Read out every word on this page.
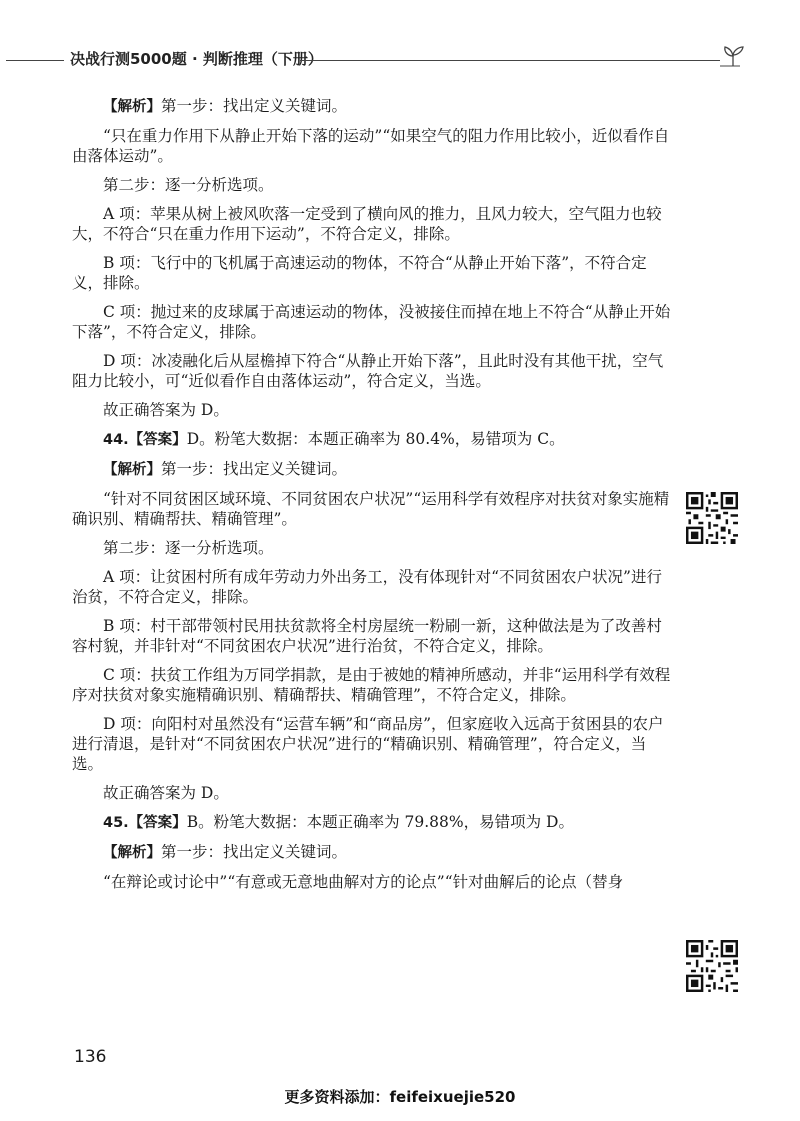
决战行测5000题 · 判断推理（下册）

【解析】第一步：找出定义关键词。

“只在重力作用下从静止开始下落的运动”“如果空气的阻力作用比较小，近似看作自由落体运动”。

第二步：逐一分析选项。

A 项：苹果从树上被风吹落一定受到了横向风的推力，且风力较大，空气阻力也较大，不符合“只在重力作用下运动”，不符合定义，排除。

B 项：飞行中的飞机属于高速运动的物体，不符合“从静止开始下落”，不符合定义，排除。

C 项：抛过来的皮球属于高速运动的物体，没被接住而掉在地上不符合“从静止开始下落”，不符合定义，排除。

D 项：冰凌融化后从屋檐掉下符合“从静止开始下落”，且此时没有其他干扰，空气阻力比较小，可“近似看作自由落体运动”，符合定义，当选。

故正确答案为 D。

44.【答案】D。粉笔大数据：本题正确率为 80.4%，易错项为 C。

【解析】第一步：找出定义关键词。

“针对不同贫困区域环境、不同贫困农户状况”“运用科学有效程序对扶贫对象实施精确识别、精确帮扶、精确管理”。

第二步：逐一分析选项。

A 项：让贫困村所有成年劳动力外出务工，没有体现针对“不同贫困农户状况”进行治贫，不符合定义，排除。

B 项：村干部带领村民用扶贫款将全村房屋统一粉刷一新，这种做法是为了改善村容村貌，并非针对“不同贫困农户状况”进行治贫，不符合定义，排除。

C 项：扶贫工作组为万同学捐款，是由于被她的精神所感动，并非“运用科学有效程序对扶贫对象实施精确识别、精确帮扶、精确管理”，不符合定义，排除。

D 项：向阳村对虽然没有“运营车辆”和“商品房”，但家庭收入远高于贫困县的农户进行清退，是针对“不同贫困农户状况”进行的“精确识别、精确管理”，符合定义，当选。

故正确答案为 D。

45.【答案】B。粉笔大数据：本题正确率为 79.88%，易错项为 D。

【解析】第一步：找出定义关键词。

“在辩论或讨论中”“有意或无意地曲解对方的论点”“针对曲解后的论点（替身

136
更多资料添加：feifeixuejie520
